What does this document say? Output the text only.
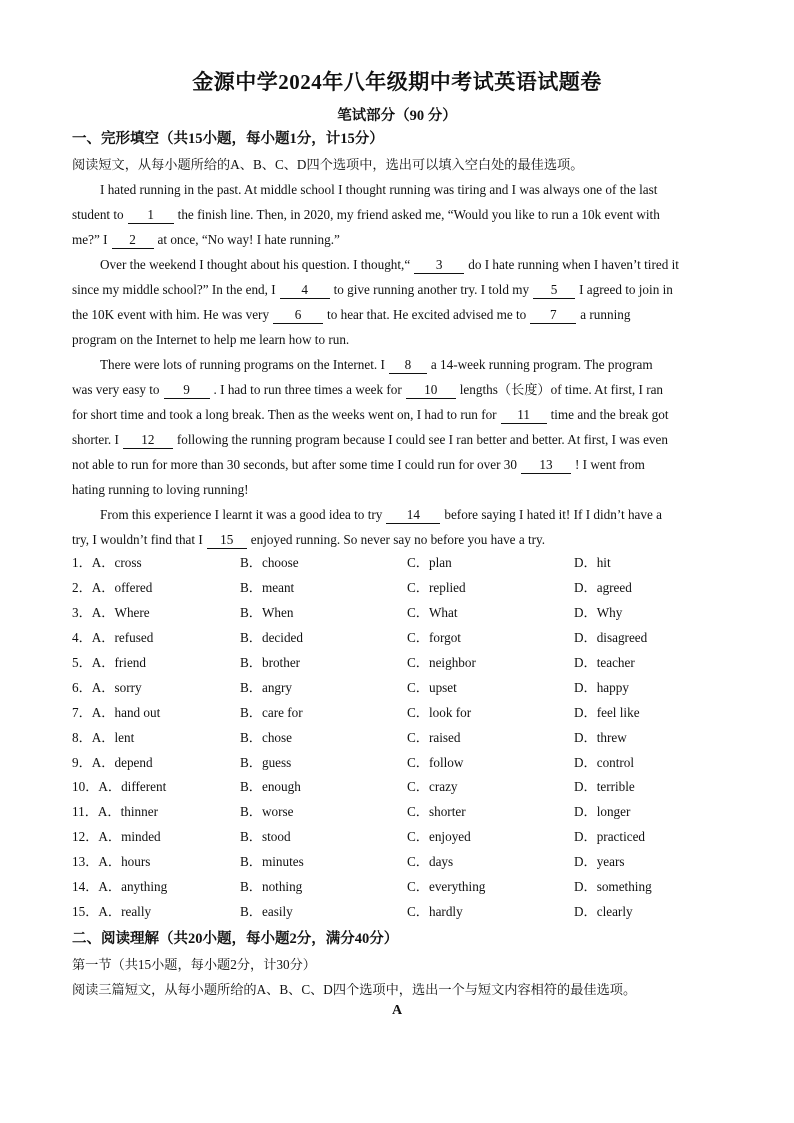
金源中学2024年八年级期中考试英语试题卷
笔试部分（90 分）
一、完形填空（共15小题，每小题1分，计15分）
阅读短文，从每小题所给的A、B、C、D四个选项中，选出可以填入空白处的最佳选项。
I hated running in the past. At middle school I thought running was tiring and I was always one of the last
student to 1 the finish line. Then, in 2020, my friend asked me, “Would you like to run a 10k event with
me?” I 2 at once, “No way! I hate running.”
Over the weekend I thought about his question. I thought,“ 3 do I hate running when I haven’t tired it
since my middle school?” In the end, I 4 to give running another try. I told my 5 I agreed to join in
the 10K event with him. He was very 6 to hear that. He excited advised me to 7 a running
program on the Internet to help me learn how to run.
There were lots of running programs on the Internet. I 8 a 14-week running program. The program
was very easy to 9 . I had to run three times a week for 10 lengths（长度）of time. At first, I ran
for short time and took a long break. Then as the weeks went on, I had to run for 11 time and the break got
shorter. I 12 following the running program because I could see I ran better and better. At first, I was even
not able to run for more than 30 seconds, but after some time I could run for over 30 13 ! I went from
hating running to loving running!
From this experience I learnt it was a good idea to try 14 before saying I hated it! If I didn’t have a
try, I wouldn’t find that I 15 enjoyed running. So never say no before you have a try.
1．A．cross	B．choose	C．plan	D．hit
2．A．offered	B．meant	C．replied	D．agreed
3．A．Where	B．When	C．What	D．Why
4．A．refused	B．decided	C．forgot	D．disagreed
5．A．friend	B．brother	C．neighbor	D．teacher
6．A．sorry	B．angry	C．upset	D．happy
7．A．hand out	B．care for	C．look for	D．feel like
8．A．lent	B．chose	C．raised	D．threw
9．A．depend	B．guess	C．follow	D．control
10．A．different	B．enough	C．crazy	D．terrible
11．A．thinner	B．worse	C．shorter	D．longer
12．A．minded	B．stood	C．enjoyed	D．practiced
13．A．hours	B．minutes	C．days	D．years
14．A．anything	B．nothing	C．everything	D．something
15．A．really	B．easily	C．hardly	D．clearly
二、阅读理解（共20小题，每小题2分，满分40分）
第一节（共15小题，每小题2分，计30分）
阅读三篇短文，从每小题所给的A、B、C、D四个选项中，选出一个与短文内容相符的最佳选项。
A
